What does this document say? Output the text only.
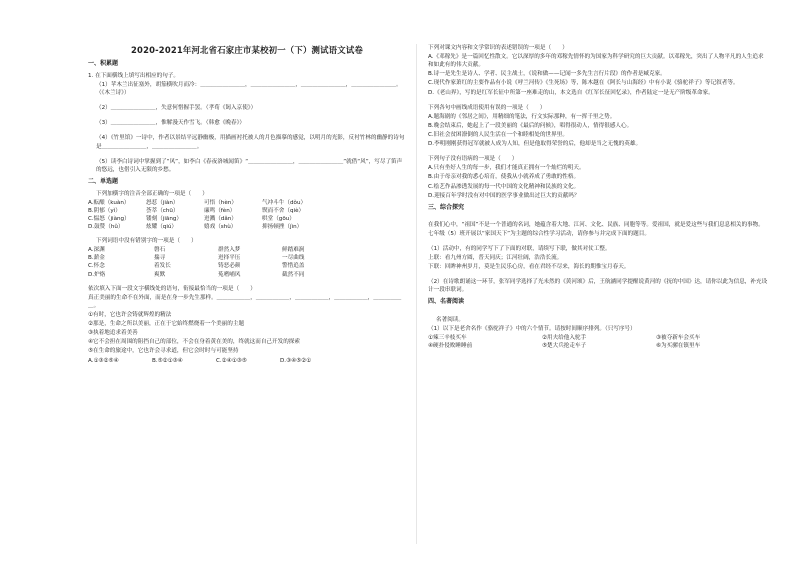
2020-2021年河北省石家庄市某校初一（下）测试语文试卷
一、积累题
1. 在下面横线上填写出相应的句子。
（1）苹木兰出征塞外，胡笳横吹月而冷：＿＿＿＿＿＿＿＿，＿＿＿＿＿＿＿＿，＿＿＿＿＿＿＿＿，＿＿＿＿＿＿＿＿。（《木兰诗》）
（2）＿＿＿＿＿＿＿＿，失意何惜握手罢。（孝荀《谒入京使》）
（3）＿＿＿＿＿＿＿＿，惟解漫天作雪飞。（韩愈《晚春》）
（4）《竹里馆》一诗中，作者以景结平远静幽极，用描画衬托被人的月色描摹的感觉，以明月的光影，反衬竹林的幽静的诗句是＿＿＿＿＿＿＿＿，＿＿＿＿＿＿＿＿。
（5）读李白诗词中掌握到了“风”，如李白《春夜洛城闻笛》“＿＿＿＿＿＿＿＿，＿＿＿＿＿＿＿＿”就借“风”，写尽了笛声的悠远，也借引入无限的乡愁。
二、单选题
下列加横字的注音全部正确的一项是（　　）
A.酝酿（kuàn）	怒怼（jiàn）	可悟（hèn）	气冲斗牛（dǒu）
B.阴郁（yì）	荟萃（chū）	廉鸣（fèn）	锲而不舍（qiè）
C.愠怒（jiàng）	镂刻（jiāng）	迸溅（dǎn）	哄堂（gōu）
D.鼓赞（hǔ）	炫耀（qiú）	嬉戏（shù）	抑扬顿挫（jìn）
下列词语中没有错别字的一项是（　　）
A.深渊	磐石	群然入梦	鲜踏难涧
B.薪金	揣寻	迸择平压	一尽曲线
C.怀念	着发长	铸恶必颜	警惜追盖
D.炉烙	爽默	菟嗜哺风	截然不同
依次填入下面一段文字横线处的语句，衔接最恰当的一项是（　　）
真正美丽的生命不在外面，而是在身一步先生那样。＿＿＿＿＿＿，＿＿＿＿＿＿，＿＿＿＿＿＿，＿＿＿＿＿＿，＿＿＿＿＿＿。
①有时，它也许会铸就辉煌的精法
②那是，生命之所以美丽，正在于它始终燃烧着一个美丽的主题
③执着地追求着美善
④它不会担在周围的阻挡自己的部位，不会在身着黄在美的，终就这而自己开发的探索
⑤在生命的旅途中，它也许会寻求道，但它会时时与可能坚持
A.①③②⑤④	B.⑤②①③④	C.②④①③⑤	D.③④⑤②①
下列对课文内容和文学常识的表述错误的一项是（　　）
A.《邓稼先》是一篇回忆性散文。它以深厚的多年的邓稼先情怀的为国家为科学研究的巨大贡献。以邓稼先，突出了人物平凡的人生追求和如此有的伟大贡献。
B.诗一是先生是诗人、学者、民主战士，《说和做——记闻一多先生言行片段》的作者是臧克家。
C.现代作家萧红的主要作品有小说《呼兰河传》《生死场》等，陈木越在《阿长与山海经》中有小说《骆驼祥子》等记叙者等。
D.《老山界》，写的是红军长征中所第一座难走的山，本文选自《红军长征回忆录》，作者陆定一是无产阶级革命家。
下列各句中画线成语使用有误的一项是（　　）
A.题海剧的《邻居之间》，用精细的笔法，行文实际那种，有一挥千里之势。
B.晚会结束后，她起上了一段美丽的《最后的问候》，唱得很动人，情得很感人心。
C.旧社会贫困潦倒的人民生活在一个和睦相处的世界里。
D.李明刚刚获得冠军就被人成为人知，但是他取得荣誉的后，他却是当之无愧的英雄。
下列句子没有语病的一项是（　　）
A.只有坐好人生的每一步，我们才能真正拥有一个灿烂的明天。
B.由于母亲对我的悉心培育，使我从小就养成了勇敢的性格。
C.绘艺作品渗透发展的每一代中国的文化精神和民族的文化。
D.迎接百年学时没有对中国的医学事业做出过巨大的贡献吗？
三、综合探究
在我们心中，“祖国”不是一个普通的名词，她蕴含着大地、江河、文化、民族、同胞等等。爱祖国，就是爱这些与我们息息相关的事物。七年级（5）班开展以“家国天下”为主题的综合性学习活动，请你参与并完成下面的题目。
（1）活动中，有的同学写下了下面的对联，请续写下联，做其对仗工整。
上联：看九州方圆，普天同庆；江河壮阔，浩浩长流。
下联：回眸神州岁月，莫是生民乐心房，看在君经不尽来，海长的期惟宝月春天。
（2）在诗歌朗诵这一环节，张军同学选择了光未然的《黄河颂》后，王航涵同学提醒说黄河的《抚的中国》达，请你以此为信息，补充设计一段串联词。
四、名著阅读
名著阅读。
（1）以下是老舍名作《骆驼祥子》中的六个情节。请按时间顺序排列。（只写序号）
①辣三辛枝买车	②用夫给他入驼手	③被夺新车会买车
④硬扑侵败睡睡前	⑤楚大兵抢走车子	⑥为买骡在镇里车
